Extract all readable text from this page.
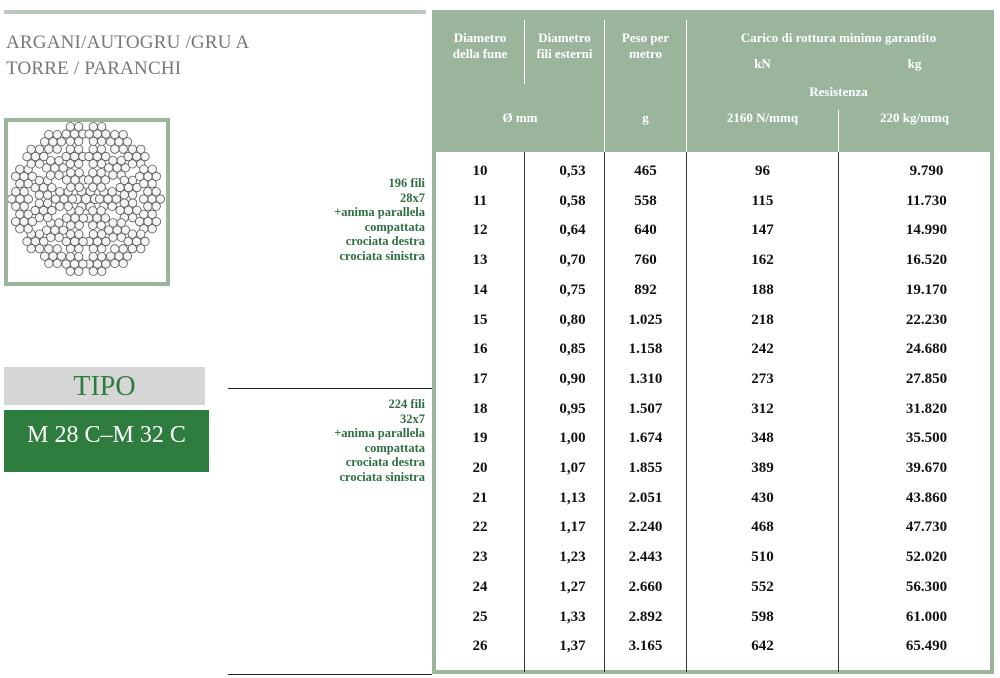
ARGANI/AUTOGRU /GRU A
TORRE / PARANCHI
196 fili
28x7
+anima parallela
compattata
crociata destra
crociata sinistra
224 fili
32x7
+anima parallela
compattata
crociata destra
crociata sinistra
TIPO
M 28 C–M 32 C
Diametro
della fune
Diametro
fili esterni
Peso per
metro
Carico di rottura minimo garantito
kN	kg
Resistenza
Ø mm	g	2160 N/mmq	220 kg/mmq
10	0,53	465	96	9.790
11	0,58	558	115	11.730
12	0,64	640	147	14.990
13	0,70	760	162	16.520
14	0,75	892	188	19.170
15	0,80	1.025	218	22.230
16	0,85	1.158	242	24.680
17	0,90	1.310	273	27.850
18	0,95	1.507	312	31.820
19	1,00	1.674	348	35.500
20	1,07	1.855	389	39.670
21	1,13	2.051	430	43.860
22	1,17	2.240	468	47.730
23	1,23	2.443	510	52.020
24	1,27	2.660	552	56.300
25	1,33	2.892	598	61.000
26	1,37	3.165	642	65.490
